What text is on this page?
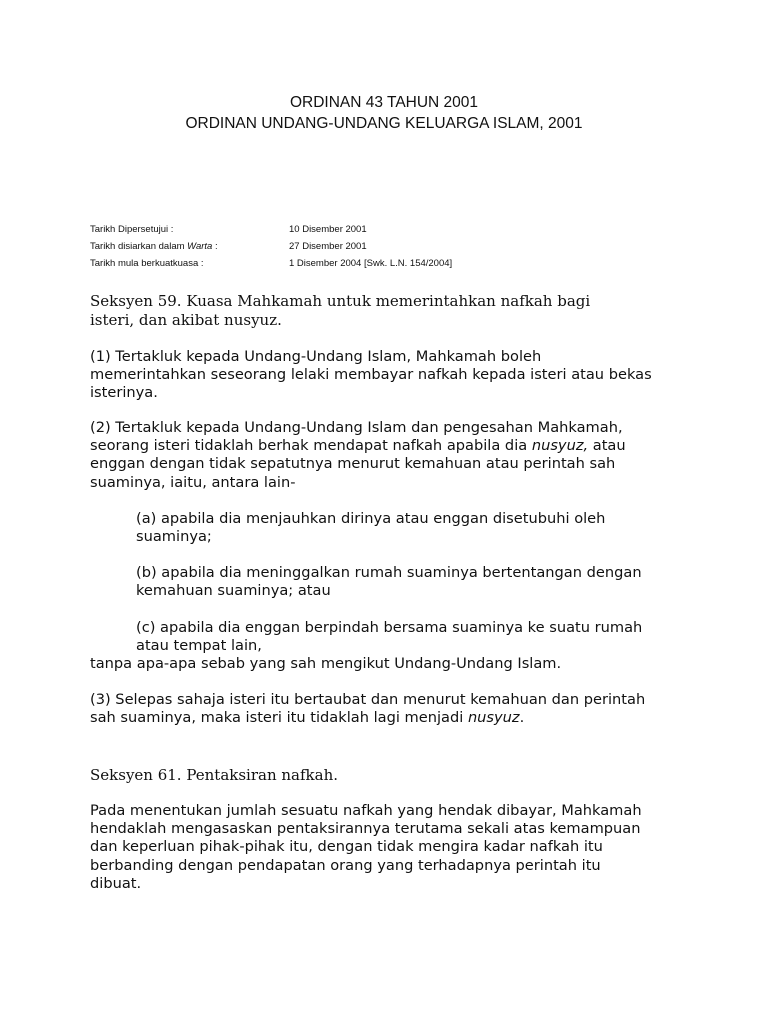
ORDINAN 43 TAHUN 2001
ORDINAN UNDANG-UNDANG KELUARGA ISLAM, 2001
Tarikh Dipersetujui :	10 Disember 2001
Tarikh disiarkan dalam Warta :	27 Disember 2001
Tarikh mula berkuatkuasa :	1 Disember 2004 [Swk. L.N. 154/2004]
Seksyen 59. Kuasa Mahkamah untuk memerintahkan nafkah bagi
isteri, dan akibat nusyuz.
(1) Tertakluk kepada Undang-Undang Islam, Mahkamah boleh
memerintahkan seseorang lelaki membayar nafkah kepada isteri atau bekas
isterinya.
(2) Tertakluk kepada Undang-Undang Islam dan pengesahan Mahkamah,
seorang isteri tidaklah berhak mendapat nafkah apabila dia nusyuz, atau
enggan dengan tidak sepatutnya menurut kemahuan atau perintah sah
suaminya, iaitu, antara lain-
(a) apabila dia menjauhkan dirinya atau enggan disetubuhi oleh
suaminya;
(b) apabila dia meninggalkan rumah suaminya bertentangan dengan
kemahuan suaminya; atau
(c) apabila dia enggan berpindah bersama suaminya ke suatu rumah
atau tempat lain,
tanpa apa-apa sebab yang sah mengikut Undang-Undang Islam.
(3) Selepas sahaja isteri itu bertaubat dan menurut kemahuan dan perintah
sah suaminya, maka isteri itu tidaklah lagi menjadi nusyuz.
Seksyen 61. Pentaksiran nafkah.
Pada menentukan jumlah sesuatu nafkah yang hendak dibayar, Mahkamah
hendaklah mengasaskan pentaksirannya terutama sekali atas kemampuan
dan keperluan pihak-pihak itu, dengan tidak mengira kadar nafkah itu
berbanding dengan pendapatan orang yang terhadapnya perintah itu
dibuat.
